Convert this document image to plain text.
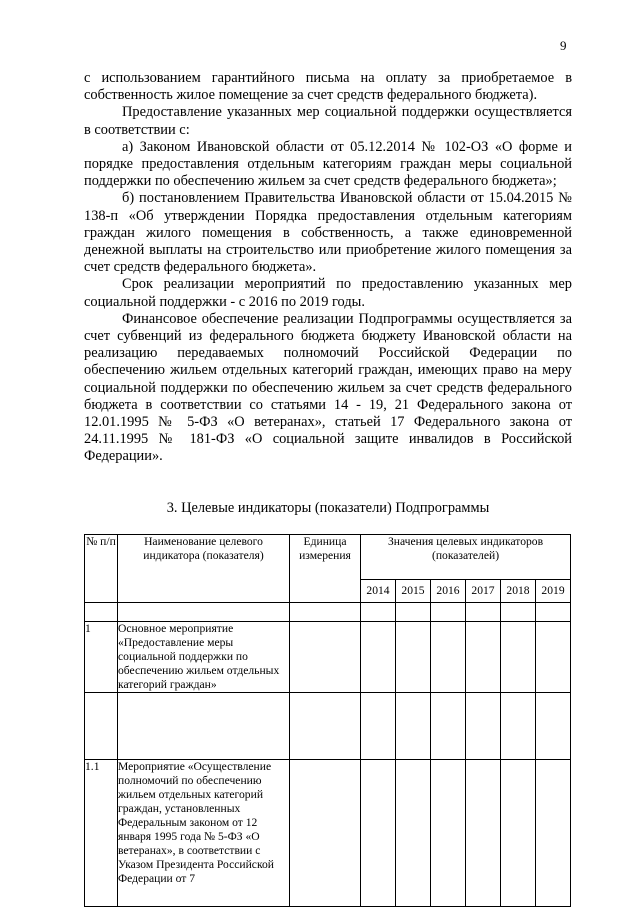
9

с использованием гарантийного письма на оплату за приобретаемое в собственность жилое помещение за счет средств федерального бюджета).

Предоставление указанных мер социальной поддержки осуществляется в соответствии с:

а) Законом Ивановской области от 05.12.2014 № 102-ОЗ «О форме и порядке предоставления отдельным категориям граждан меры социальной поддержки по обеспечению жильем за счет средств федерального бюджета»;

б) постановлением Правительства Ивановской области от 15.04.2015 № 138-п «Об утверждении Порядка предоставления отдельным категориям граждан жилого помещения в собственность, а также единовременной денежной выплаты на строительство или приобретение жилого помещения за счет средств федерального бюджета».

Срок реализации мероприятий по предоставлению указанных мер социальной поддержки - с 2016 по 2019 годы.

Финансовое обеспечение реализации Подпрограммы осуществляется за счет субвенций из федерального бюджета бюджету Ивановской области на реализацию передаваемых полномочий Российской Федерации по обеспечению жильем отдельных категорий граждан, имеющих право на меру социальной поддержки по обеспечению жильем за счет средств федерального бюджета в соответствии со статьями 14 - 19, 21 Федерального закона от 12.01.1995 № 5-ФЗ «О ветеранах», статьей 17 Федерального закона от 24.11.1995 № 181-ФЗ «О социальной защите инвалидов в Российской Федерации».

3. Целевые индикаторы (показатели) Подпрограммы
№ п/п	Наименование целевого индикатора (показателя)	Единица измерения	Значения целевых индикаторов (показателей)					
			2014	2015	2016	2017	2018	2019

1	Основное мероприятие «Предоставление меры социальной поддержки по обеспечению жильем отдельных категорий граждан»							

1.1	Мероприятие «Осуществление полномочий по обеспечению жильем отдельных категорий граждан, установленных Федеральным законом от 12 января 1995 года № 5-ФЗ «О ветеранах», в соответствии с Указом Президента Российской Федерации от 7							
